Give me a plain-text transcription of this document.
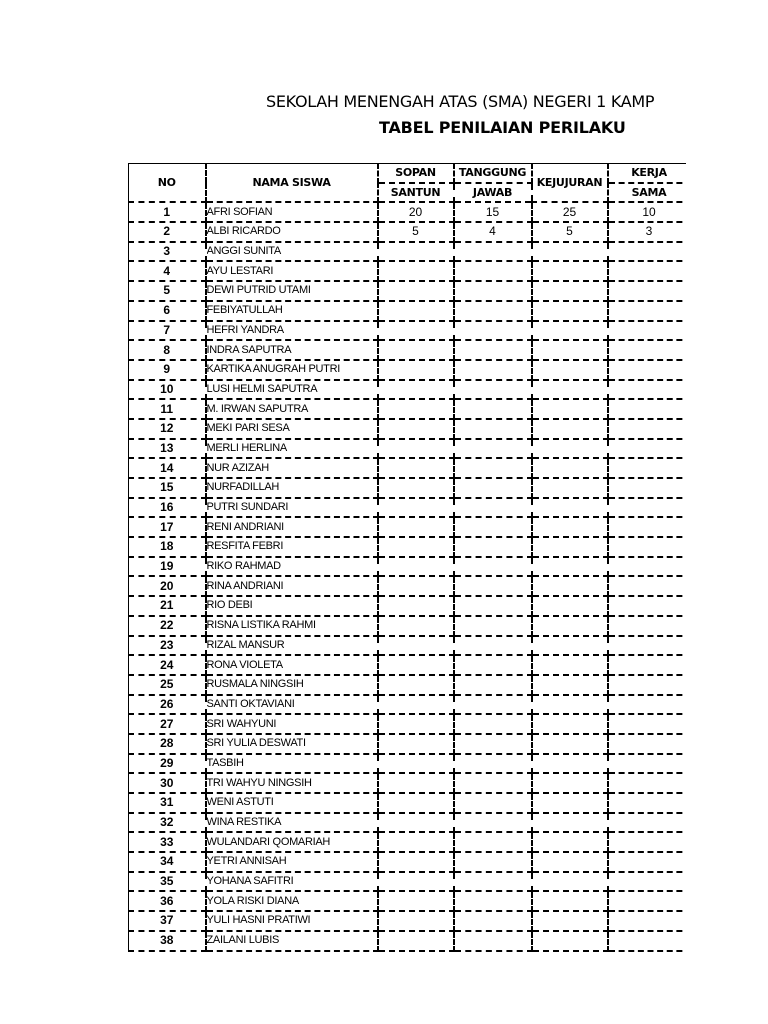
SEKOLAH MENENGAH ATAS (SMA) NEGERI 1 KAMP
TABEL PENILAIAN PERILAKU
NO	NAMA SISWA	SOPAN	TANGGUNG	KEJUJURAN	KERJA
		SANTUN	JAWAB		SAMA
1	AFRI SOFIAN	20	15	25	10
2	ALBI RICARDO	5	4	5	3
3	ANGGI SUNITA				
4	AYU LESTARI				
5	DEWI PUTRID UTAMI				
6	FEBIYATULLAH				
7	HEFRI YANDRA				
8	INDRA SAPUTRA				
9	KARTIKA ANUGRAH PUTRI				
10	LUSI HELMI SAPUTRA				
11	M. IRWAN SAPUTRA				
12	MEKI PARI SESA				
13	MERLI HERLINA				
14	NUR AZIZAH				
15	NURFADILLAH				
16	PUTRI SUNDARI				
17	RENI ANDRIANI				
18	RESFITA FEBRI				
19	RIKO RAHMAD				
20	RINA ANDRIANI				
21	RIO DEBI				
22	RISNA LISTIKA RAHMI				
23	RIZAL MANSUR				
24	RONA VIOLETA				
25	RUSMALA NINGSIH				
26	SANTI OKTAVIANI				
27	SRI WAHYUNI				
28	SRI YULIA DESWATI				
29	TASBIH				
30	TRI WAHYU NINGSIH				
31	WENI ASTUTI				
32	WINA RESTIKA				
33	WULANDARI QOMARIAH				
34	YETRI ANNISAH				
35	YOHANA SAFITRI				
36	YOLA RISKI DIANA				
37	YULI HASNI PRATIWI				
38	ZAILANI LUBIS				
